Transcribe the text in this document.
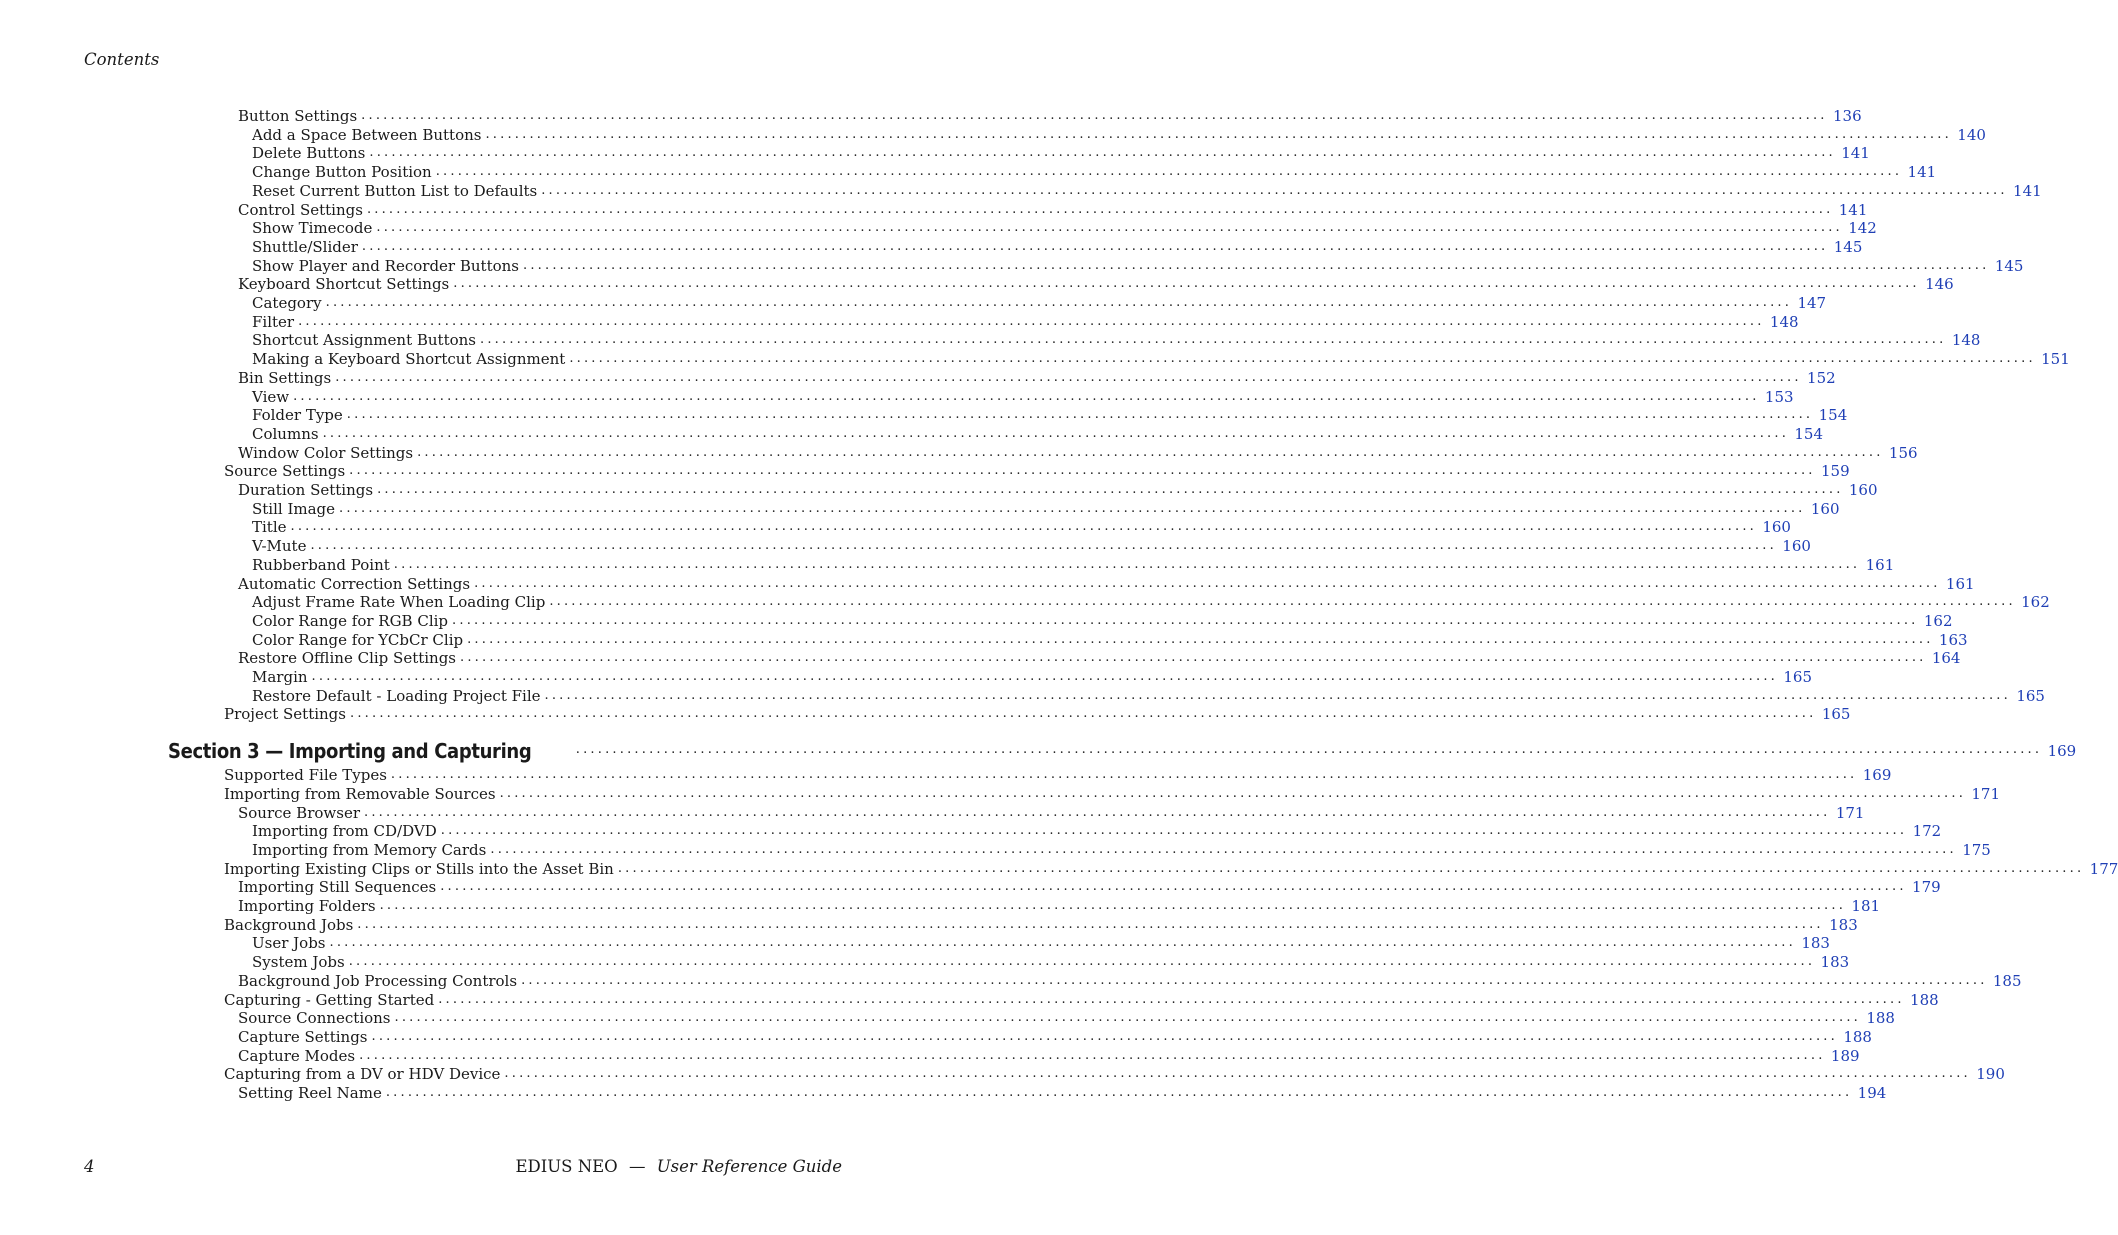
Contents
Button Settings ........................................................................................................................................................................................................ 136
Add a Space Between Buttons ........................................................................................................................................................................................................ 140
Delete Buttons ........................................................................................................................................................................................................ 141
Change Button Position ........................................................................................................................................................................................................ 141
Reset Current Button List to Defaults ........................................................................................................................................................................................................ 141
Control Settings ........................................................................................................................................................................................................ 141
Show Timecode ........................................................................................................................................................................................................ 142
Shuttle/Slider ........................................................................................................................................................................................................ 145
Show Player and Recorder Buttons ........................................................................................................................................................................................................ 145
Keyboard Shortcut Settings ........................................................................................................................................................................................................ 146
Category ........................................................................................................................................................................................................ 147
Filter ........................................................................................................................................................................................................ 148
Shortcut Assignment Buttons ........................................................................................................................................................................................................ 148
Making a Keyboard Shortcut Assignment ........................................................................................................................................................................................................ 151
Bin Settings ........................................................................................................................................................................................................ 152
View ........................................................................................................................................................................................................ 153
Folder Type ........................................................................................................................................................................................................ 154
Columns ........................................................................................................................................................................................................ 154
Window Color Settings ........................................................................................................................................................................................................ 156
Source Settings ........................................................................................................................................................................................................ 159
Duration Settings ........................................................................................................................................................................................................ 160
Still Image ........................................................................................................................................................................................................ 160
Title ........................................................................................................................................................................................................ 160
V-Mute ........................................................................................................................................................................................................ 160
Rubberband Point ........................................................................................................................................................................................................ 161
Automatic Correction Settings ........................................................................................................................................................................................................ 161
Adjust Frame Rate When Loading Clip ........................................................................................................................................................................................................ 162
Color Range for RGB Clip ........................................................................................................................................................................................................ 162
Color Range for YCbCr Clip ........................................................................................................................................................................................................ 163
Restore Offline Clip Settings ........................................................................................................................................................................................................ 164
Margin ........................................................................................................................................................................................................ 165
Restore Default - Loading Project File ........................................................................................................................................................................................................ 165
Project Settings ........................................................................................................................................................................................................ 165
Section 3 — Importing and Capturing	........................................................................................................................................................................................................ 169
Supported File Types ........................................................................................................................................................................................................ 169
Importing from Removable Sources ........................................................................................................................................................................................................ 171
Source Browser ........................................................................................................................................................................................................ 171
Importing from CD/DVD ........................................................................................................................................................................................................ 172
Importing from Memory Cards ........................................................................................................................................................................................................ 175
Importing Existing Clips or Stills into the Asset Bin ........................................................................................................................................................................................................ 177
Importing Still Sequences ........................................................................................................................................................................................................ 179
Importing Folders ........................................................................................................................................................................................................ 181
Background Jobs ........................................................................................................................................................................................................ 183
User Jobs ........................................................................................................................................................................................................ 183
System Jobs ........................................................................................................................................................................................................ 183
Background Job Processing Controls ........................................................................................................................................................................................................ 185
Capturing - Getting Started ........................................................................................................................................................................................................ 188
Source Connections ........................................................................................................................................................................................................ 188
Capture Settings ........................................................................................................................................................................................................ 188
Capture Modes ........................................................................................................................................................................................................ 189
Capturing from a DV or HDV Device ........................................................................................................................................................................................................ 190
Setting Reel Name ........................................................................................................................................................................................................ 194
4	EDIUS NEO — User Reference Guide
